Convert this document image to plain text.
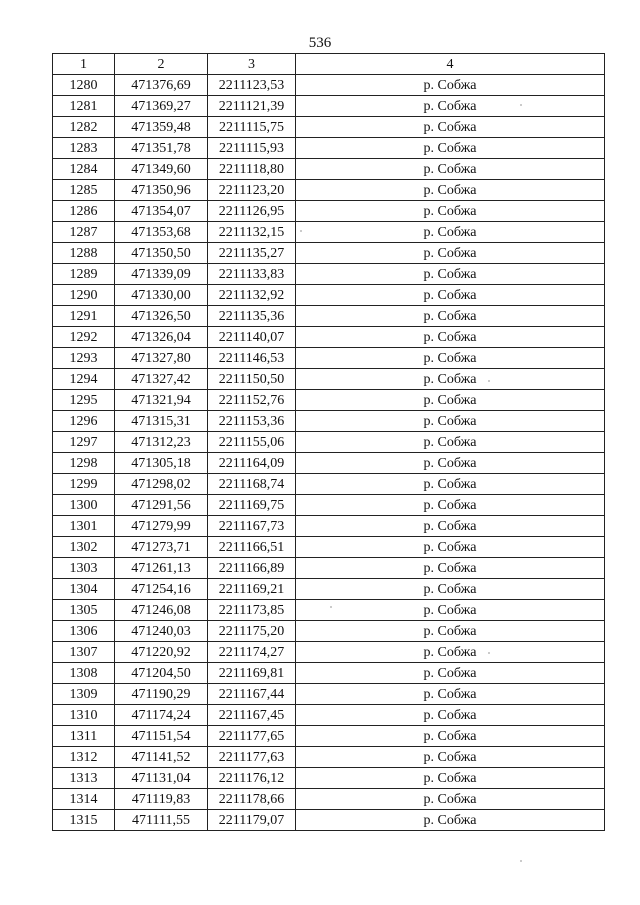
536
1	2	3	4
1280	471376,69	2211123,53	р. Собжа
1281	471369,27	2211121,39	р. Собжа
1282	471359,48	2211115,75	р. Собжа
1283	471351,78	2211115,93	р. Собжа
1284	471349,60	2211118,80	р. Собжа
1285	471350,96	2211123,20	р. Собжа
1286	471354,07	2211126,95	р. Собжа
1287	471353,68	2211132,15	р. Собжа
1288	471350,50	2211135,27	р. Собжа
1289	471339,09	2211133,83	р. Собжа
1290	471330,00	2211132,92	р. Собжа
1291	471326,50	2211135,36	р. Собжа
1292	471326,04	2211140,07	р. Собжа
1293	471327,80	2211146,53	р. Собжа
1294	471327,42	2211150,50	р. Собжа
1295	471321,94	2211152,76	р. Собжа
1296	471315,31	2211153,36	р. Собжа
1297	471312,23	2211155,06	р. Собжа
1298	471305,18	2211164,09	р. Собжа
1299	471298,02	2211168,74	р. Собжа
1300	471291,56	2211169,75	р. Собжа
1301	471279,99	2211167,73	р. Собжа
1302	471273,71	2211166,51	р. Собжа
1303	471261,13	2211166,89	р. Собжа
1304	471254,16	2211169,21	р. Собжа
1305	471246,08	2211173,85	р. Собжа
1306	471240,03	2211175,20	р. Собжа
1307	471220,92	2211174,27	р. Собжа
1308	471204,50	2211169,81	р. Собжа
1309	471190,29	2211167,44	р. Собжа
1310	471174,24	2211167,45	р. Собжа
1311	471151,54	2211177,65	р. Собжа
1312	471141,52	2211177,63	р. Собжа
1313	471131,04	2211176,12	р. Собжа
1314	471119,83	2211178,66	р. Собжа
1315	471111,55	2211179,07	р. Собжа
